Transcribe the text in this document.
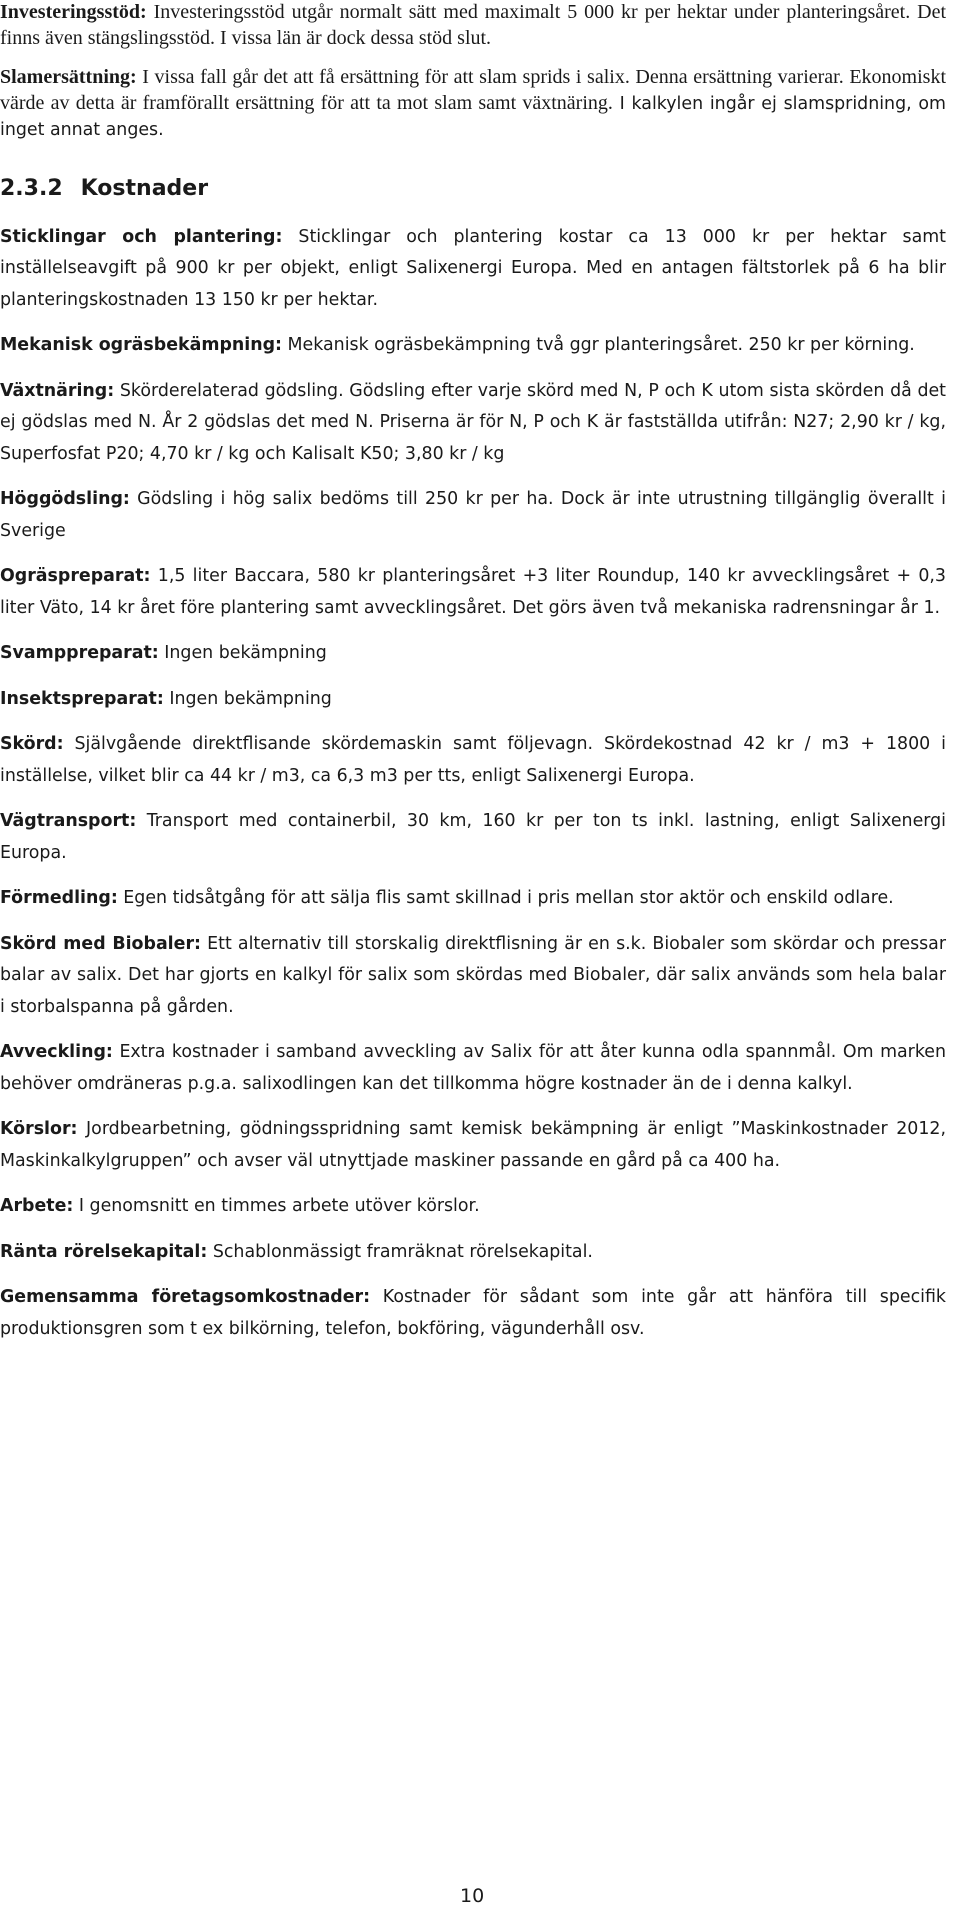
Investeringsstöd: Investeringsstöd utgår normalt sätt med maximalt 5 000 kr per hektar under planteringsåret. Det finns även stängslingsstöd. I vissa län är dock dessa stöd slut.

Slamersättning: I vissa fall går det att få ersättning för att slam sprids i salix. Denna ersättning varierar. Ekonomiskt värde av detta är framförallt ersättning för att ta mot slam samt växtnäring. I kalkylen ingår ej slamspridning, om inget annat anges.

2.3.2 Kostnader

Sticklingar och plantering: Sticklingar och plantering kostar ca 13 000 kr per hektar samt inställelseavgift på 900 kr per objekt, enligt Salixenergi Europa. Med en antagen fältstorlek på 6 ha blir planteringskostnaden 13 150 kr per hektar.

Mekanisk ogräsbekämpning: Mekanisk ogräsbekämpning två ggr planteringsåret. 250 kr per körning.

Växtnäring: Skörderelaterad gödsling. Gödsling efter varje skörd med N, P och K utom sista skörden då det ej gödslas med N. År 2 gödslas det med N. Priserna är för N, P och K är fastställda utifrån: N27; 2,90 kr / kg, Superfosfat P20; 4,70 kr / kg och Kalisalt K50; 3,80 kr / kg

Höggödsling: Gödsling i hög salix bedöms till 250 kr per ha. Dock är inte utrustning tillgänglig överallt i Sverige

Ogräspreparat: 1,5 liter Baccara, 580 kr planteringsåret +3 liter Roundup, 140 kr avvecklingsåret + 0,3 liter Väto, 14 kr året före plantering samt avvecklingsåret. Det görs även två mekaniska radrensningar år 1.

Svamppreparat: Ingen bekämpning

Insektspreparat: Ingen bekämpning

Skörd: Självgående direktflisande skördemaskin samt följevagn. Skördekostnad 42 kr / m3 + 1800 i inställelse, vilket blir ca 44 kr / m3, ca 6,3 m3 per tts, enligt Salixenergi Europa.

Vägtransport: Transport med containerbil, 30 km, 160 kr per ton ts inkl. lastning, enligt Salixenergi Europa.

Förmedling: Egen tidsåtgång för att sälja flis samt skillnad i pris mellan stor aktör och enskild odlare.

Skörd med Biobaler: Ett alternativ till storskalig direktflisning är en s.k. Biobaler som skördar och pressar balar av salix. Det har gjorts en kalkyl för salix som skördas med Biobaler, där salix används som hela balar i storbalspanna på gården.

Avveckling: Extra kostnader i samband avveckling av Salix för att åter kunna odla spannmål. Om marken behöver omdräneras p.g.a. salixodlingen kan det tillkomma högre kostnader än de i denna kalkyl.

Körslor: Jordbearbetning, gödningsspridning samt kemisk bekämpning är enligt ”Maskinkostnader 2012, Maskinkalkylgruppen” och avser väl utnyttjade maskiner passande en gård på ca 400 ha.

Arbete: I genomsnitt en timmes arbete utöver körslor.

Ränta rörelsekapital: Schablonmässigt framräknat rörelsekapital.

Gemensamma företagsomkostnader: Kostnader för sådant som inte går att hänföra till specifik produktionsgren som t ex bilkörning, telefon, bokföring, vägunderhåll osv.

10
